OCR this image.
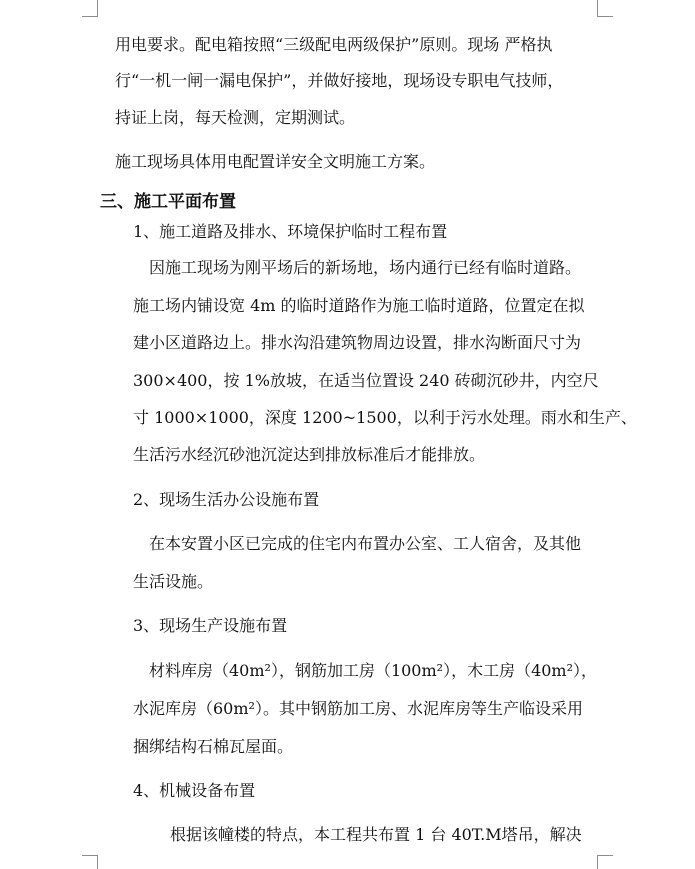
用电要求。配电箱按照“三级配电两级保护”原则。现场 严格执
行“一机一闸一漏电保护”，并做好接地，现场设专职电气技师，
持证上岗，每天检测，定期测试。
施工现场具体用电配置详安全文明施工方案。
三、施工平面布置
1、施工道路及排水、环境保护临时工程布置
因施工现场为刚平场后的新场地，场内通行已经有临时道路。
施工场内铺设宽 4m 的临时道路作为施工临时道路，位置定在拟
建小区道路边上。排水沟沿建筑物周边设置，排水沟断面尺寸为
300×400，按 1%放坡，在适当位置设 240 砖砌沉砂井，内空尺
寸 1000×1000，深度 1200~1500，以利于污水处理。雨水和生产、
生活污水经沉砂池沉淀达到排放标准后才能排放。
2、现场生活办公设施布置
在本安置小区已完成的住宅内布置办公室、工人宿舍，及其他
生活设施。
3、现场生产设施布置
材料库房（40m²），钢筋加工房（100m²），木工房（40m²），
水泥库房（60m²）。其中钢筋加工房、水泥库房等生产临设采用
捆绑结构石棉瓦屋面。
4、机械设备布置
根据该幢楼的特点，本工程共布置 1 台 40T.M塔吊，解决
